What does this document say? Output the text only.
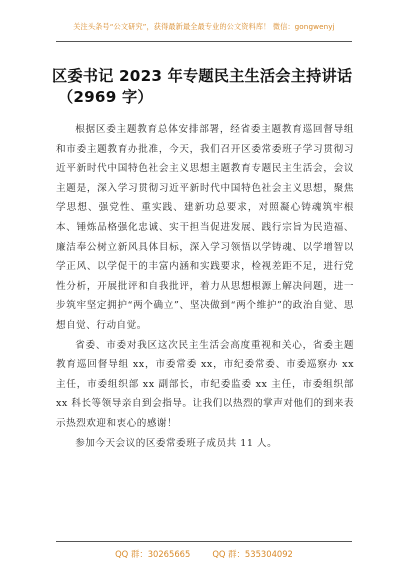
关注头条号“公文研究”，获得最新最全最专业的公文资料库！ 微信：gongwenyj
区委书记 2023 年专题民主生活会主持讲话
（2969 字）

根据区委主题教育总体安排部署，经省委主题教育巡回督导组和市委主题教育办批准，今天，我们召开区委常委班子学习贯彻习近平新时代中国特色社会主义思想主题教育专题民主生活会，会议主题是，深入学习贯彻习近平新时代中国特色社会主义思想，聚焦学思想、强党性、重实践、建新功总要求，对照凝心铸魂筑牢根本、锤炼品格强化忠诚、实干担当促进发展、践行宗旨为民造福、廉洁奉公树立新风具体目标，深入学习领悟以学铸魂、以学增智以学正风、以学促干的丰富内涵和实践要求，检视差距不足，进行党性分析，开展批评和自我批评，着力从思想根源上解决问题，进一步筑牢坚定拥护“两个确立”、坚决做到“两个维护”的政治自觉、思想自觉、行动自觉。

省委、市委对我区这次民主生活会高度重视和关心，省委主题教育巡回督导组 xx，市委常委 xx，市纪委常委、市委巡察办 xx 主任，市委组织部 xx 副部长，市纪委监委 xx 主任，市委组织部 xx 科长等领导亲自到会指导。让我们以热烈的掌声对他们的到来表示热烈欢迎和衷心的感谢！

参加今天会议的区委常委班子成员共 11 人。

QQ 群：30265665	QQ 群：535304092
